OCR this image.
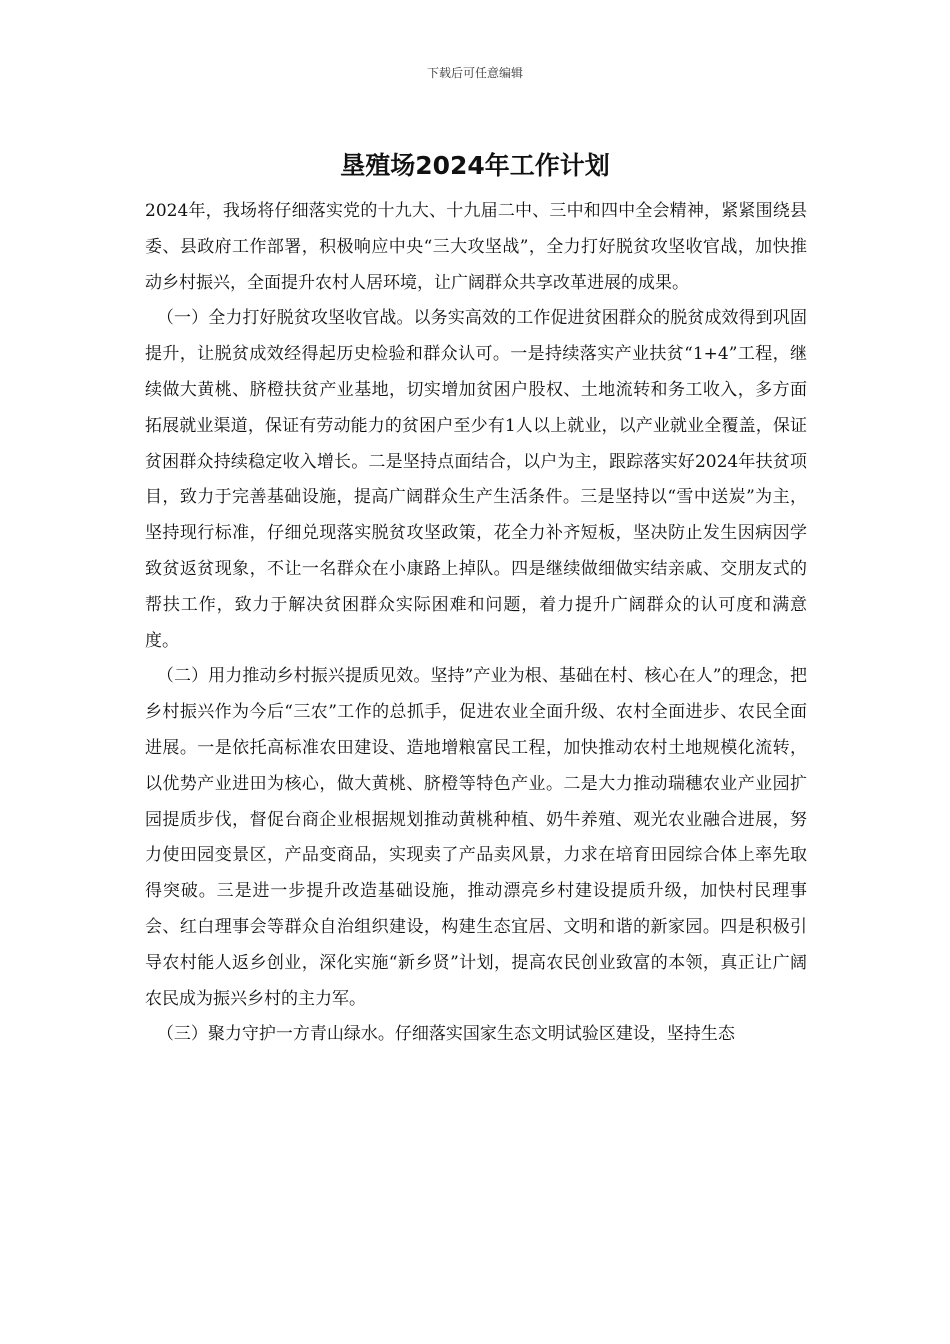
下载后可任意编辑
垦殖场2024年工作计划

2024年，我场将仔细落实党的十九大、十九届二中、三中和四中全会精神，紧紧围绕县委、县政府工作部署，积极响应中央“三大攻坚战”，全力打好脱贫攻坚收官战，加快推动乡村振兴，全面提升农村人居环境，让广阔群众共享改革进展的成果。

（一）全力打好脱贫攻坚收官战。以务实高效的工作促进贫困群众的脱贫成效得到巩固提升，让脱贫成效经得起历史检验和群众认可。一是持续落实产业扶贫“1+4”工程，继续做大黄桃、脐橙扶贫产业基地，切实增加贫困户股权、土地流转和务工收入，多方面拓展就业渠道，保证有劳动能力的贫困户至少有1人以上就业，以产业就业全覆盖，保证贫困群众持续稳定收入增长。二是坚持点面结合，以户为主，跟踪落实好2024年扶贫项目，致力于完善基础设施，提高广阔群众生产生活条件。三是坚持以“雪中送炭”为主，坚持现行标准，仔细兑现落实脱贫攻坚政策，花全力补齐短板，坚决防止发生因病因学致贫返贫现象，不让一名群众在小康路上掉队。四是继续做细做实结亲戚、交朋友式的帮扶工作，致力于解决贫困群众实际困难和问题，着力提升广阔群众的认可度和满意度。

（二）用力推动乡村振兴提质见效。坚持”产业为根、基础在村、核心在人”的理念，把乡村振兴作为今后“三农”工作的总抓手，促进农业全面升级、农村全面进步、农民全面进展。一是依托高标准农田建设、造地增粮富民工程，加快推动农村土地规模化流转，以优势产业进田为核心，做大黄桃、脐橙等特色产业。二是大力推动瑞穗农业产业园扩园提质步伐，督促台商企业根据规划推动黄桃种植、奶牛养殖、观光农业融合进展，努力使田园变景区，产品变商品，实现卖了产品卖风景，力求在培育田园综合体上率先取得突破。三是进一步提升改造基础设施，推动漂亮乡村建设提质升级，加快村民理事会、红白理事会等群众自治组织建设，构建生态宜居、文明和谐的新家园。四是积极引导农村能人返乡创业，深化实施“新乡贤”计划，提高农民创业致富的本领，真正让广阔农民成为振兴乡村的主力军。

（三）聚力守护一方青山绿水。仔细落实国家生态文明试验区建设，坚持生态
